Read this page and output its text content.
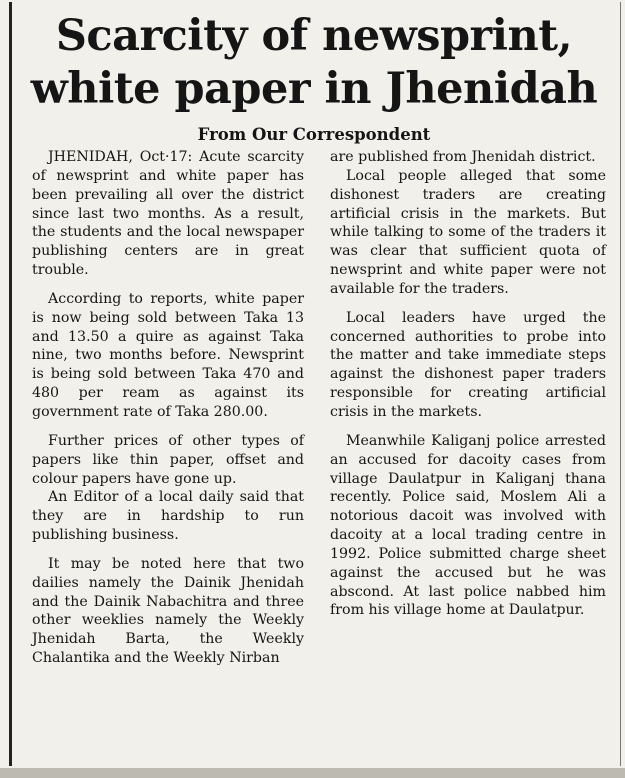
Scarcity of newsprint,
white paper in Jhenidah

From Our Correspondent

JHENIDAH, Oct·17: Acute scarcity of newsprint and white paper has been prevailing all over the district since last two months. As a result, the students and the local newspaper publishing centers are in great trouble.

According to reports, white paper is now being sold between Taka 13 and 13.50 a quire as against Taka nine, two months before. Newsprint is being sold between Taka 470 and 480 per ream as against its government rate of Taka 280.00.

Further prices of other types of papers like thin paper, offset and colour papers have gone up.

An Editor of a local daily said that they are in hardship to run publishing business.

It may be noted here that two dailies namely the Dainik Jhenidah and the Dainik Nabachitra and three other weeklies namely the Weekly Jhenidah Barta, the Weekly Chalantika and the Weekly Nirban

are published from Jhenidah district.

Local people alleged that some dishonest traders are creating artificial crisis in the markets. But while talking to some of the traders it was clear that sufficient quota of newsprint and white paper were not available for the traders.

Local leaders have urged the concerned authorities to probe into the matter and take immediate steps against the dishonest paper traders responsible for creating artificial crisis in the markets.

Meanwhile Kaliganj police arrested an accused for dacoity cases from village Daulatpur in Kaliganj thana recently. Police said, Moslem Ali a notorious dacoit was involved with dacoity at a local trading centre in 1992. Police submitted charge sheet against the accused but he was abscond. At last police nabbed him from his village home at Daulatpur.
